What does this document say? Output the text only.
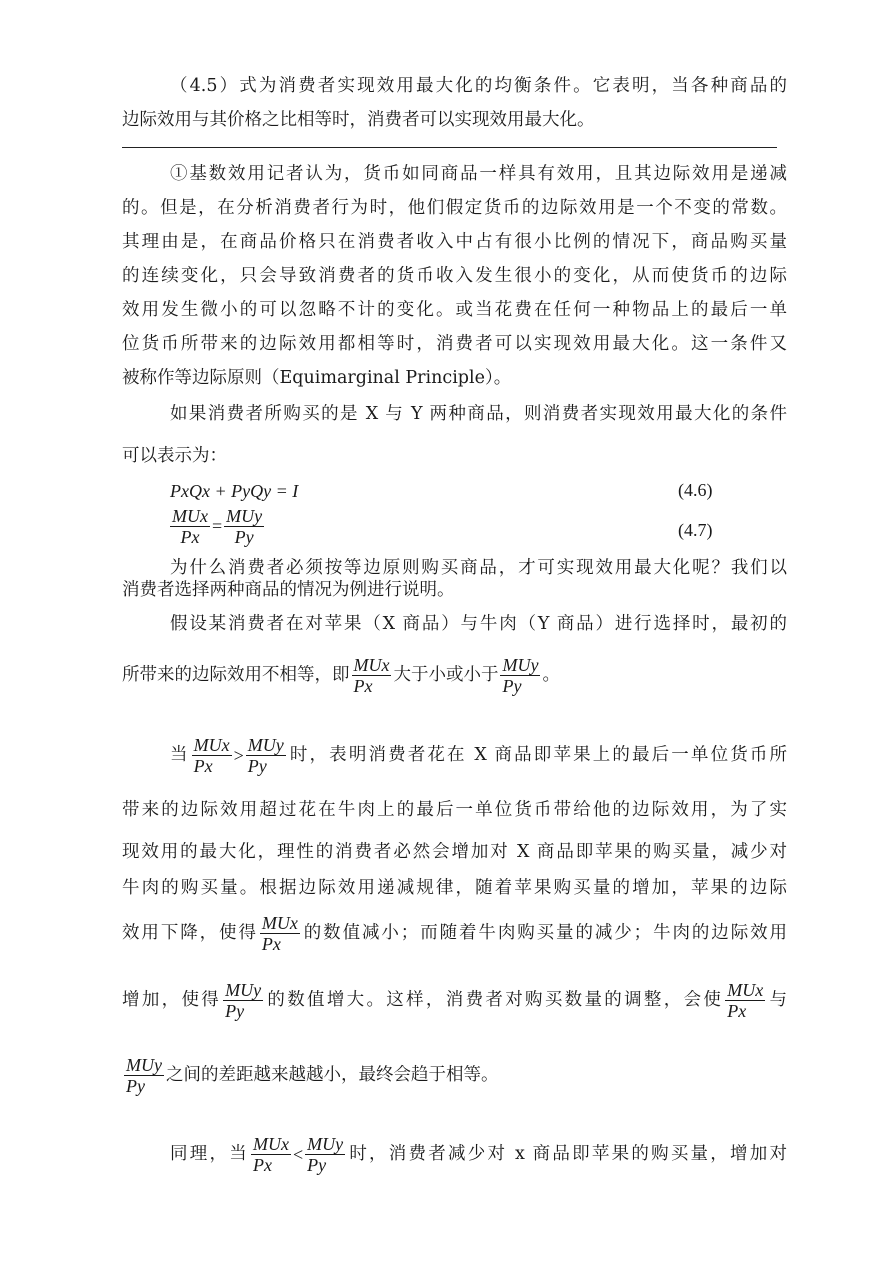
（4.5）式为消费者实现效用最大化的均衡条件。它表明，当各种商品的
边际效用与其价格之比相等时，消费者可以实现效用最大化。
①基数效用记者认为，货币如同商品一样具有效用，且其边际效用是递减
的。但是，在分析消费者行为时，他们假定货币的边际效用是一个不变的常数。
其理由是，在商品价格只在消费者收入中占有很小比例的情况下，商品购买量
的连续变化，只会导致消费者的货币收入发生很小的变化，从而使货币的边际
效用发生微小的可以忽略不计的变化。或当花费在任何一种物品上的最后一单
位货币所带来的边际效用都相等时，消费者可以实现效用最大化。这一条件又
被称作等边际原则（Equimarginal Principle）。
如果消费者所购买的是 X 与 Y 两种商品，则消费者实现效用最大化的条件
可以表示为：
PxQx + PyQy = I	(4.6)
$\frac{\text{MUx}}{Px} = \frac{\text{MUy}}{Py}$	(4.7)
为什么消费者必须按等边原则购买商品，才可实现效用最大化呢？我们以
消费者选择两种商品的情况为例进行说明。
假设某消费者在对苹果（X 商品）与牛肉（Y 商品）进行选择时，最初的
所带来的边际效用不相等，即 $\frac{\text{MUx}}{Px}$ 大于小或小于 $\frac{\text{MUy}}{Py}$ 。
当 $\frac{\text{MUx}}{Px} > \frac{\text{MUy}}{Py}$ 时，表明消费者花在 X 商品即苹果上的最后一单位货币所
带来的边际效用超过花在牛肉上的最后一单位货币带给他的边际效用，为了实
现效用的最大化，理性的消费者必然会增加对 X 商品即苹果的购买量，减少对
牛肉的购买量。根据边际效用递减规律，随着苹果购买量的增加，苹果的边际
效用下降，使得 $\frac{\text{MUx}}{Px}$ 的数值减小；而随着牛肉购买量的减少；牛肉的边际效用
增加，使得 $\frac{\text{MUy}}{Py}$ 的数值增大。这样，消费者对购买数量的调整，会使 $\frac{\text{MUx}}{Px}$ 与
$\frac{\text{MUy}}{Py}$ 之间的差距越来越越小，最终会趋于相等。
同理，当 $\frac{\text{MUx}}{Px} < \frac{\text{MUy}}{Py}$ 时，消费者减少对 x 商品即苹果的购买量，增加对
